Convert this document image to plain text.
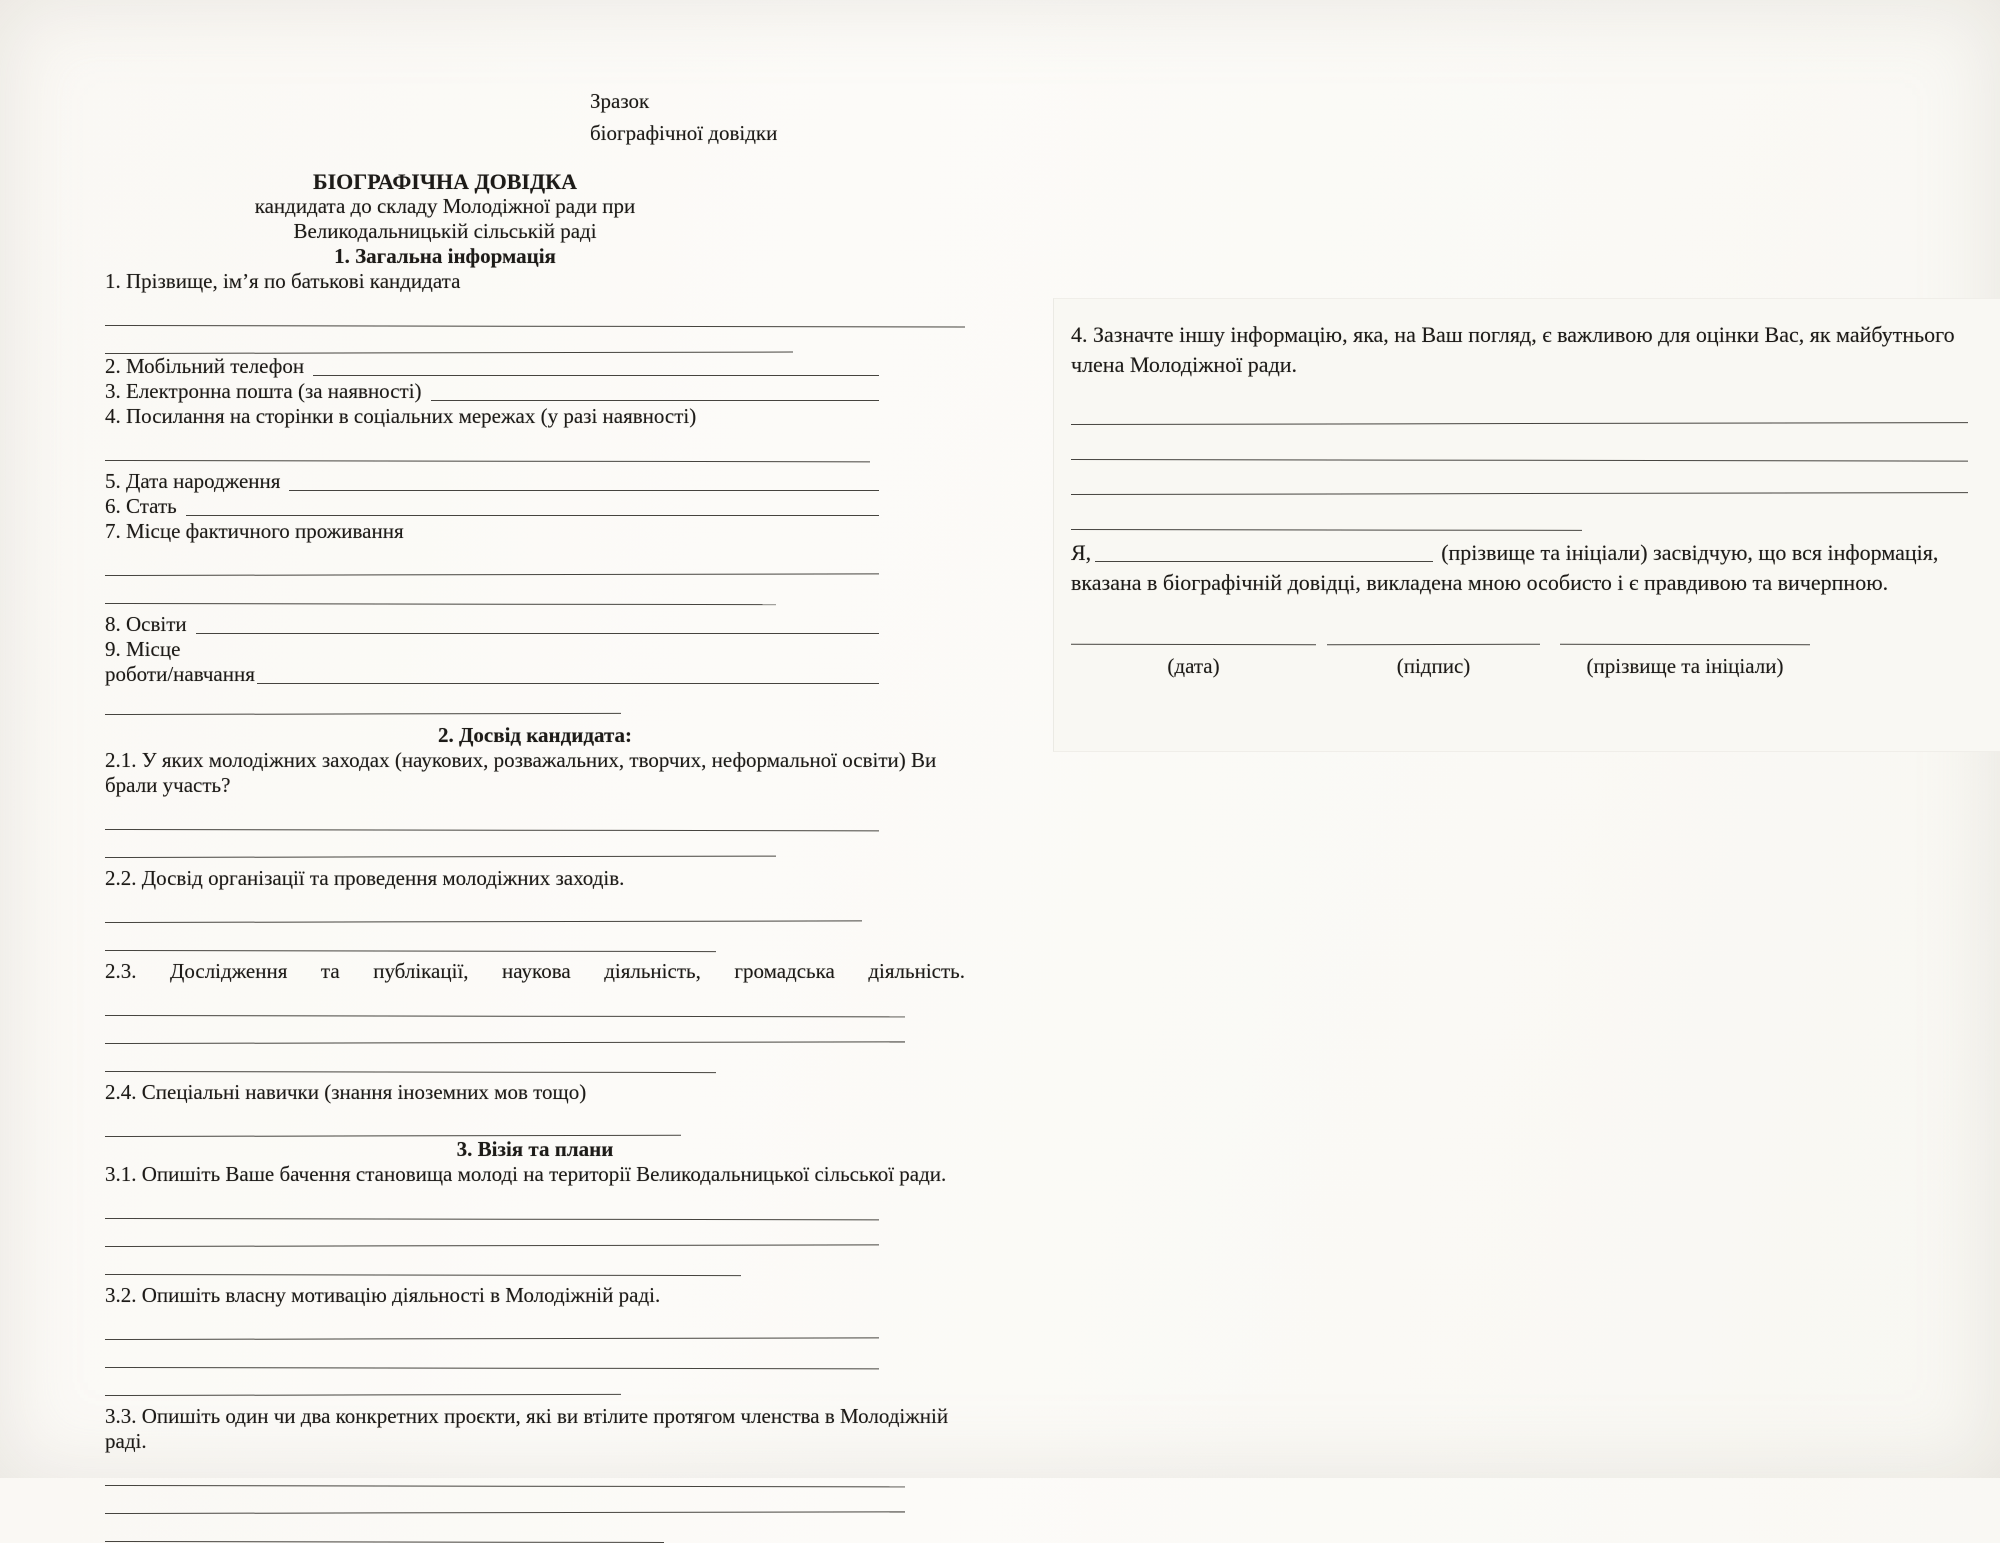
Зразок
біографічної довідки
БІОГРАФІЧНА ДОВІДКА
кандидата до складу Молодіжної ради при
Великодальницькій сільській раді
1. Загальна інформація
1. Прізвище, ім’я по батькові кандидата
2. Мобільний телефон
3. Електронна пошта (за наявності)
4. Посилання на сторінки в соціальних мережах (у разі наявності)
5. Дата народження
6. Стать
7. Місце фактичного проживання
8. Освіти
9. Місце
роботи/навчання
2. Досвід кандидата:
2.1. У яких молодіжних заходах (наукових, розважальних, творчих, неформальної освіти) Ви брали участь?
2.2. Досвід організації та проведення молодіжних заходів.
2.3. Дослідження та публікації, наукова діяльність, громадська діяльність.
2.4. Спеціальні навички (знання іноземних мов тощо)
3. Візія та плани
3.1. Опишіть Ваше бачення становища молоді на території Великодальницької сільської ради.
3.2. Опишіть власну мотивацію діяльності в Молодіжній раді.
3.3. Опишіть один чи два конкретних проєкти, які ви втілите протягом членства в Молодіжній раді.
4. Зазначте іншу інформацію, яка, на Ваш погляд, є важливою для оцінки Вас, як майбутнього члена Молодіжної ради.
Я,	(прізвище та ініціали) засвідчую, що вся інформація, вказана в біографічній довідці, викладена мною особисто і є правдивою та вичерпною.
(дата)	(підпис)	(прізвище та ініціали)
